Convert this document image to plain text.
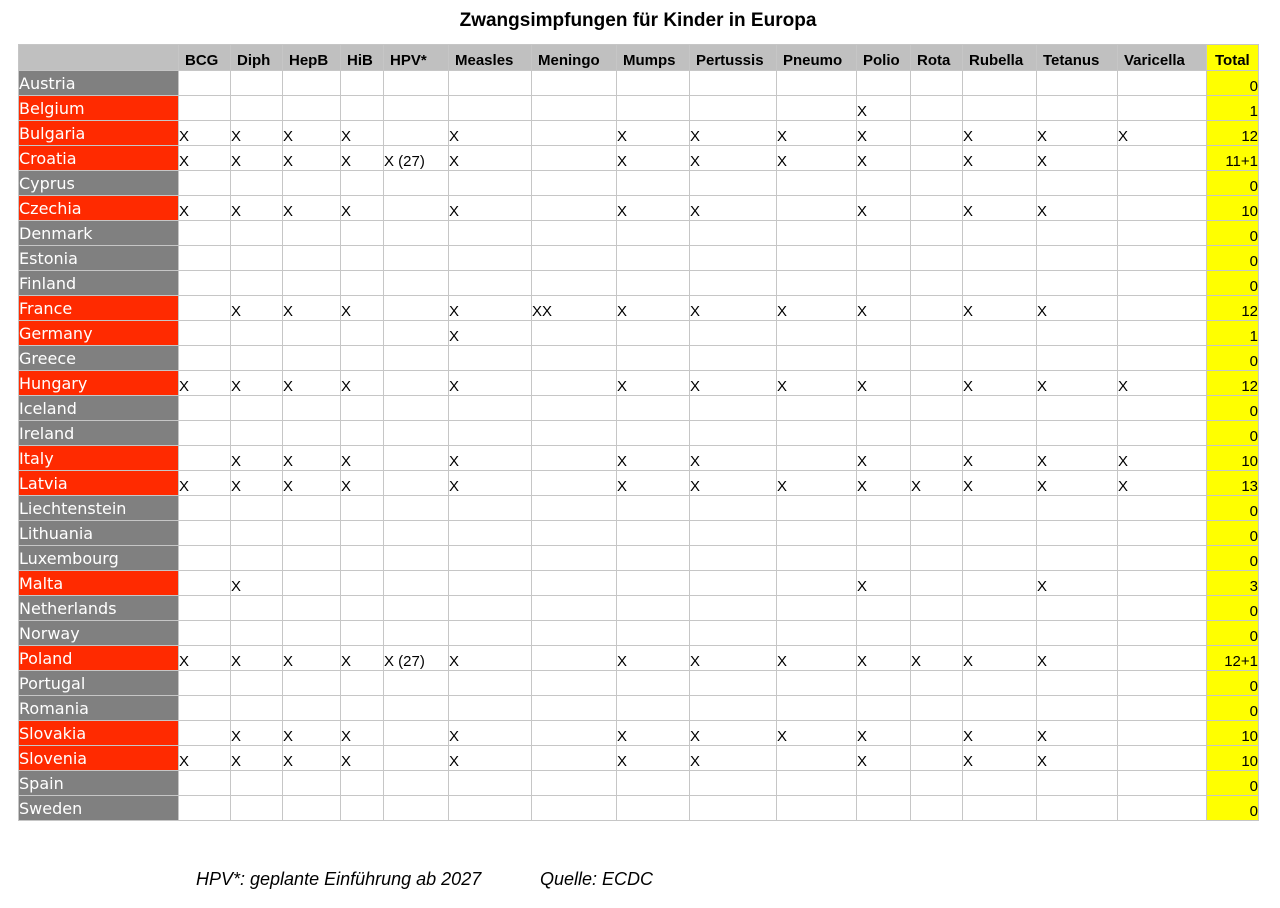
Zwangsimpfungen für Kinder in Europa
	BCG	Diph	HepB	HiB	HPV*	Measles	Meningo	Mumps	Pertussis	Pneumo	Polio	Rota	Rubella	Tetanus	Varicella	Total
Austria																0
Belgium											X					1
Bulgaria	X	X	X	X		X		X	X	X	X		X	X	X	12
Croatia	X	X	X	X	X (27)	X		X	X	X	X		X	X		11+1
Cyprus																0
Czechia	X	X	X	X		X		X	X		X		X	X		10
Denmark																0
Estonia																0
Finland																0
France		X	X	X		X	XX	X	X	X	X		X	X		12
Germany						X										1
Greece																0
Hungary	X	X	X	X		X		X	X	X	X		X	X	X	12
Iceland																0
Ireland																0
Italy		X	X	X		X		X	X		X		X	X	X	10
Latvia	X	X	X	X		X		X	X	X	X	X	X	X	X	13
Liechtenstein																0
Lithuania																0
Luxembourg																0
Malta		X									X			X		3
Netherlands																0
Norway																0
Poland	X	X	X	X	X (27)	X		X	X	X	X	X	X	X		12+1
Portugal																0
Romania																0
Slovakia		X	X	X		X		X	X	X	X		X	X		10
Slovenia	X	X	X	X		X		X	X		X		X	X		10
Spain																0
Sweden																0
HPV*: geplante Einführung ab 2027	Quelle: ECDC
